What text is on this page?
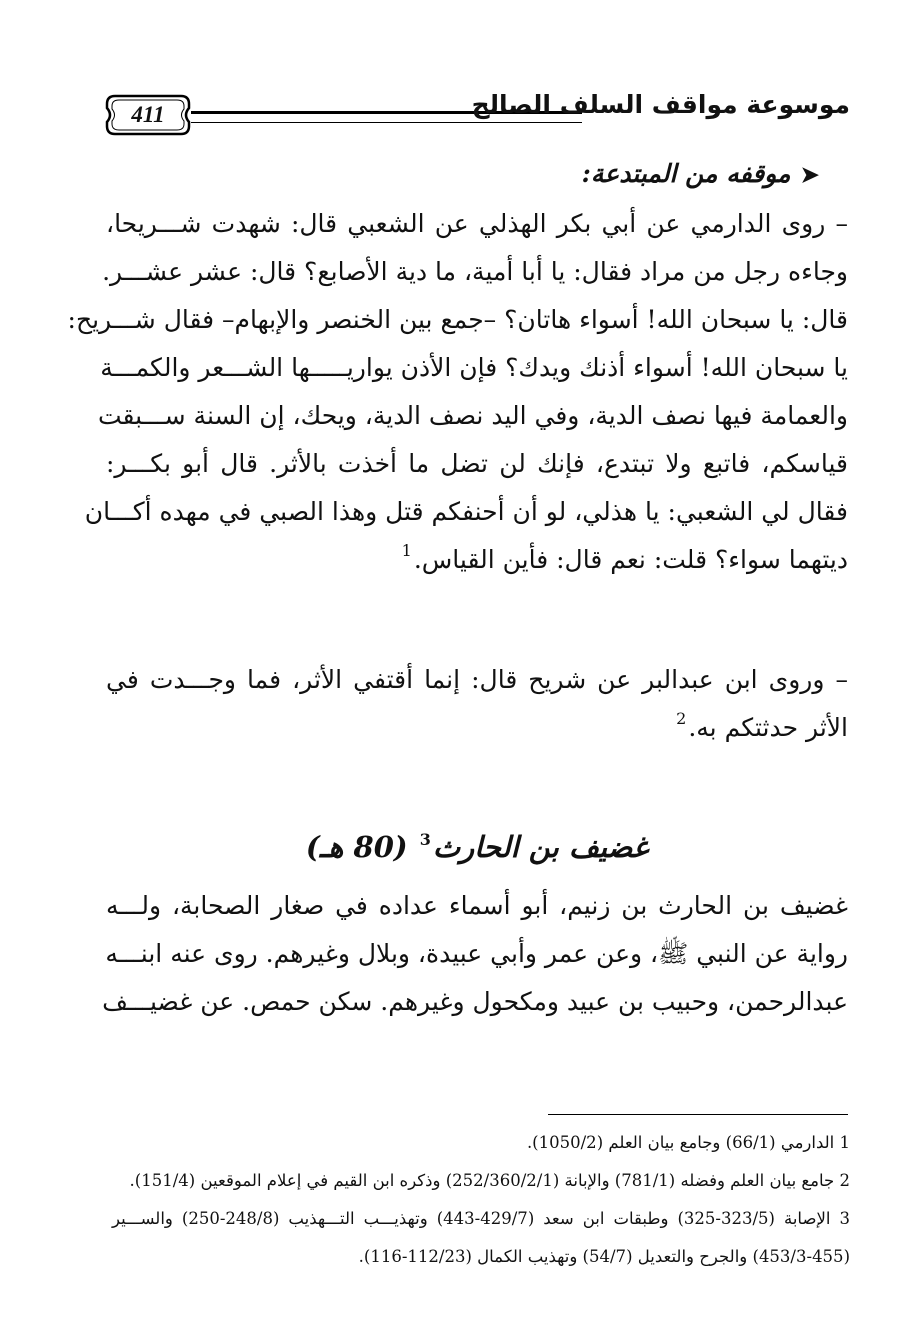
411	موسوعة مواقف السلف الصالح
➤موقفه من المبتدعة:
– روى الدارمي عن أبي بكر الهذلي عن الشعبي قال: شهدت شـــريحا،
وجاءه رجل من مراد فقال: يا أبا أمية، ما دية الأصابع؟ قال: عشر عشـــر.
قال: يا سبحان الله! أسواء هاتان؟ –جمع بين الخنصر والإبهام– فقال شـــريح:
يا سبحان الله! أسواء أذنك ويدك؟ فإن الأذن يواريـــــها الشـــعر والكمـــة
والعمامة فيها نصف الدية، وفي اليد نصف الدية، ويحك، إن السنة ســـبقت
قياسكم، فاتبع ولا تبتدع، فإنك لن تضل ما أخذت بالأثر. قال أبو بكـــر:
فقال لي الشعبي: يا هذلي، لو أن أحنفكم قتل وهذا الصبي في مهده أكـــان
ديتهما سواء؟ قلت: نعم قال: فأين القياس.$^1$
– وروى ابن عبدالبر عن شريح قال: إنما أقتفي الأثر، فما وجـــدت في
الأثر حدثتكم به.$^2$
غضيف بن الحارث$^3$ (80 هـ)
غضيف بن الحارث بن زنيم، أبو أسماء عداده في صغار الصحابة، ولـــه
رواية عن النبي ﷺ، وعن عمر وأبي عبيدة، وبلال وغيرهم. روى عنه ابنـــه
عبدالرحمن، وحبيب بن عبيد ومكحول وغيرهم. سكن حمص. عن غضيـــف
1 الدارمي (66/1) وجامع بيان العلم (1050/2).
2 جامع بيان العلم وفضله (781/1) والإبانة (252/360/2/1) وذكره ابن القيم في إعلام الموقعين (151/4).
3 الإصابة (323/5-325) وطبقات ابن سعد (429/7-443) وتهذيـــب التـــهذيب (248/8-250) والســـير
(453/3-455) والجرح والتعديل (54/7) وتهذيب الكمال (112/23-116).
